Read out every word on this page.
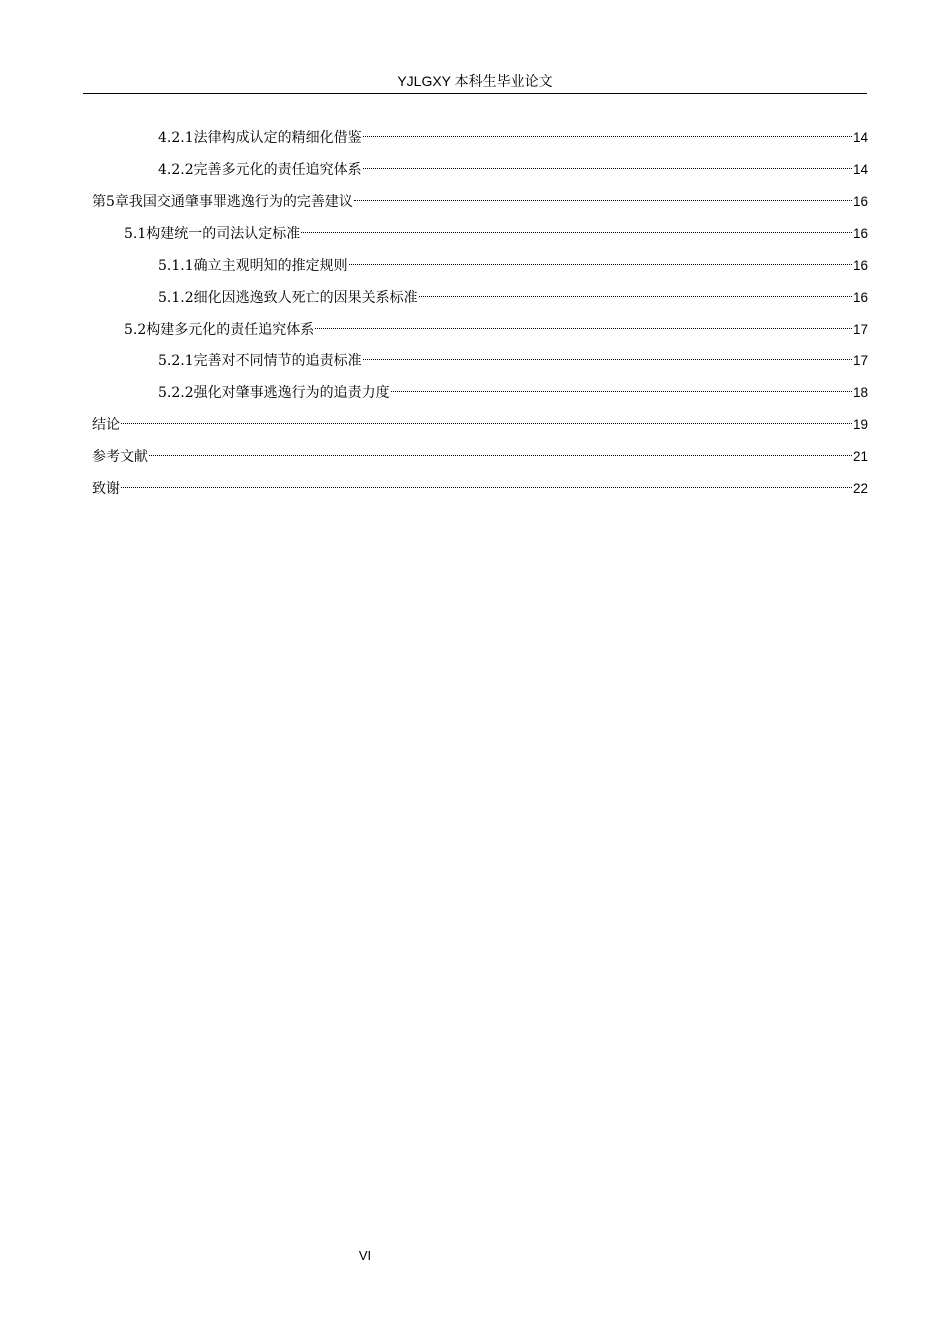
YJLGXY 本科生毕业论文
4.2.1法律构成认定的精细化借鉴	14
4.2.2完善多元化的责任追究体系	14
第5章我国交通肇事罪逃逸行为的完善建议	16
5.1构建统一的司法认定标准	16
5.1.1确立主观明知的推定规则	16
5.1.2细化因逃逸致人死亡的因果关系标准	16
5.2构建多元化的责任追究体系	17
5.2.1完善对不同情节的追责标准	17
5.2.2强化对肇事逃逸行为的追责力度	18
结论	19
参考文献	21
致谢	22
VI
